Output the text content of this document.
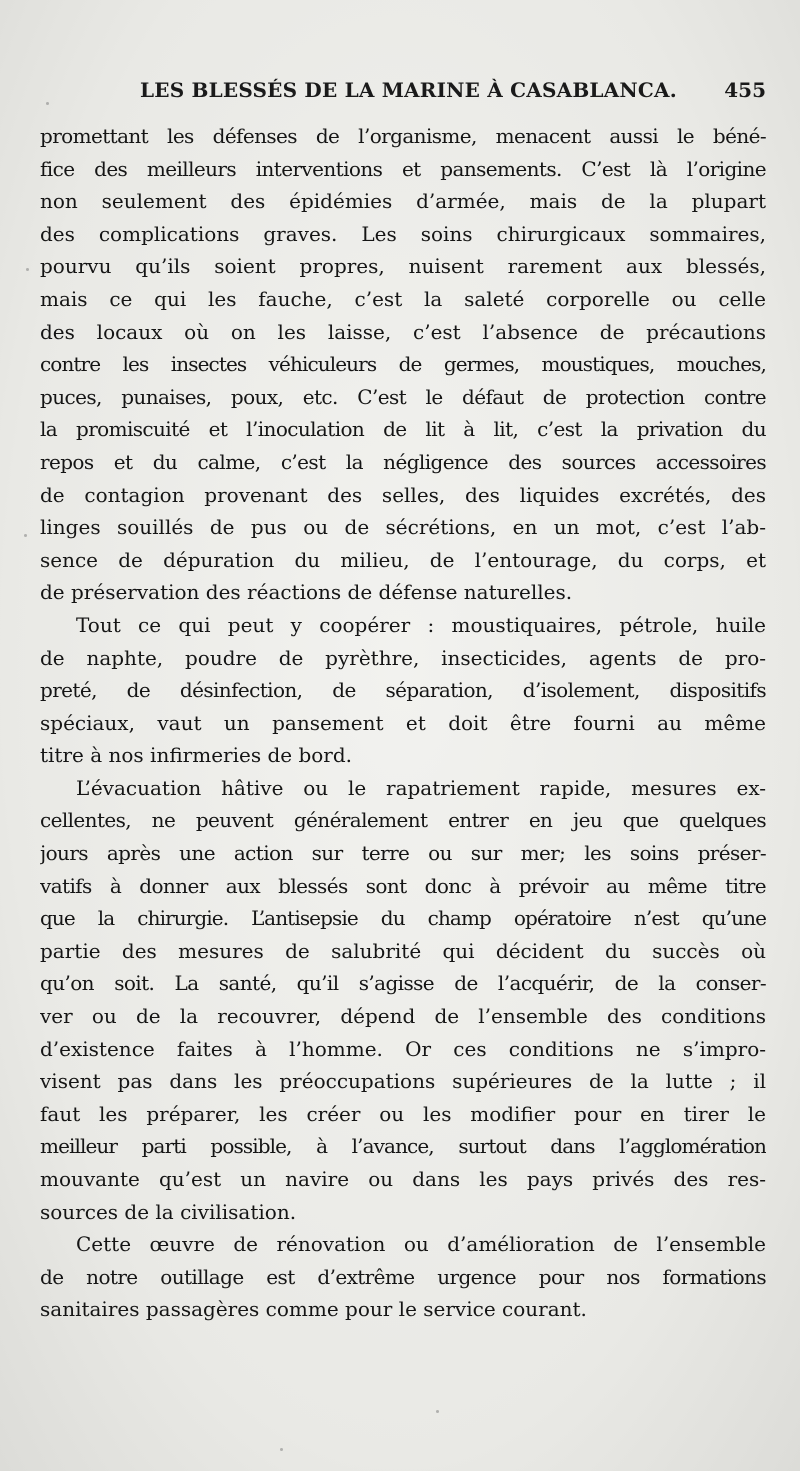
LES BLESSÉS DE LA MARINE À CASABLANCA. 455
promettant les défenses de l’organisme, menacent aussi le béné-
fice des meilleurs interventions et pansements. C’est là l’origine
non seulement des épidémies d’armée, mais de la plupart
des complications graves. Les soins chirurgicaux sommaires,
pourvu qu’ils soient propres, nuisent rarement aux blessés,
mais ce qui les fauche, c’est la saleté corporelle ou celle
des locaux où on les laisse, c’est l’absence de précautions
contre les insectes véhiculeurs de germes, moustiques, mouches,
puces, punaises, poux, etc. C’est le défaut de protection contre
la promiscuité et l’inoculation de lit à lit, c’est la privation du
repos et du calme, c’est la négligence des sources accessoires
de contagion provenant des selles, des liquides excrétés, des
linges souillés de pus ou de sécrétions, en un mot, c’est l’ab-
sence de dépuration du milieu, de l’entourage, du corps, et
de préservation des réactions de défense naturelles.
Tout ce qui peut y coopérer : moustiquaires, pétrole, huile
de naphte, poudre de pyrèthre, insecticides, agents de pro-
preté, de désinfection, de séparation, d’isolement, dispositifs
spéciaux, vaut un pansement et doit être fourni au même
titre à nos infirmeries de bord.
L’évacuation hâtive ou le rapatriement rapide, mesures ex-
cellentes, ne peuvent généralement entrer en jeu que quelques
jours après une action sur terre ou sur mer; les soins préser-
vatifs à donner aux blessés sont donc à prévoir au même titre
que la chirurgie. L’antisepsie du champ opératoire n’est qu’une
partie des mesures de salubrité qui décident du succès où
qu’on soit. La santé, qu’il s’agisse de l’acquérir, de la conser-
ver ou de la recouvrer, dépend de l’ensemble des conditions
d’existence faites à l’homme. Or ces conditions ne s’impro-
visent pas dans les préoccupations supérieures de la lutte ; il
faut les préparer, les créer ou les modifier pour en tirer le
meilleur parti possible, à l’avance, surtout dans l’agglomération
mouvante qu’est un navire ou dans les pays privés des res-
sources de la civilisation.
Cette œuvre de rénovation ou d’amélioration de l’ensemble
de notre outillage est d’extrême urgence pour nos formations
sanitaires passagères comme pour le service courant.
